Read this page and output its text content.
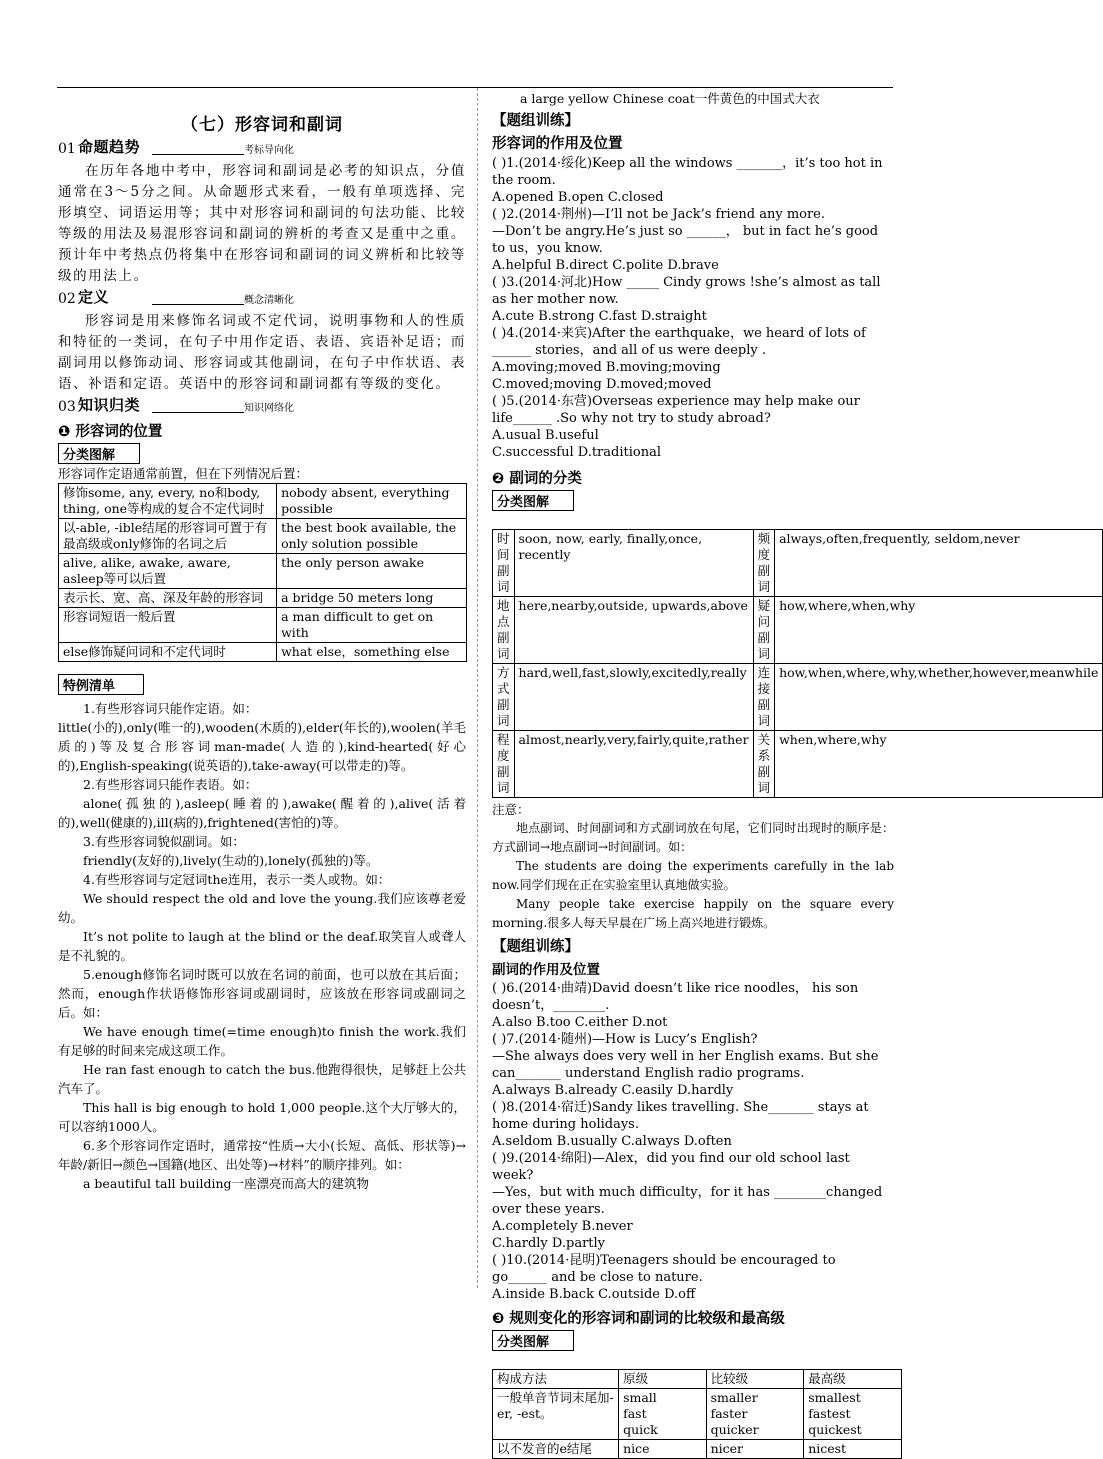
（七）形容词和副词
01 命题趋势	考标导向化

在历年各地中考中，形容词和副词是必考的知识点，分值通常在3～5分之间。从命题形式来看，一般有单项选择、完形填空、词语运用等；其中对形容词和副词的句法功能、比较等级的用法及易混形容词和副词的辨析的考查又是重中之重。预计年中考热点仍将集中在形容词和副词的词义辨析和比较等级的用法上。

02 定义	概念清晰化

形容词是用来修饰名词或不定代词，说明事物和人的性质和特征的一类词，在句子中用作定语、表语、宾语补足语；而副词用以修饰动词、形容词或其他副词，在句子中作状语、表语、补语和定语。英语中的形容词和副词都有等级的变化。

03 知识归类	知识网络化
❶ 形容词的位置
分类图解
形容词作定语通常前置，但在下列情况后置：
修饰some, any, every, no和body, thing, one等构成的复合不定代词时	nobody absent, everything possible
以-able, -ible结尾的形容词可置于有最高级或only修饰的名词之后	the best book available, the only solution possible
alive, alike, awake, aware, asleep等可以后置	the only person awake
表示长、宽、高、深及年龄的形容词	a bridge 50 meters long
形容词短语一般后置	a man difficult to get on with
else修饰疑问词和不定代词时	what else，something else
特例清单

1.有些形容词只能作定语。如：

little(小的),only(唯一的),wooden(木质的),elder(年长的),woolen(羊毛质的)等及复合形容词man-made(人造的),kind-hearted(好心的),English-speaking(说英语的),take-away(可以带走的)等。

2.有些形容词只能作表语。如：

alone(孤独的),asleep(睡着的),awake(醒着的),alive(活着的),well(健康的),ill(病的),frightened(害怕的)等。

3.有些形容词貌似副词。如：

friendly(友好的),lively(生动的),lonely(孤独的)等。

4.有些形容词与定冠词the连用，表示一类人或物。如：

We should respect the old and love the young.我们应该尊老爱幼。

It’s not polite to laugh at the blind or the deaf.取笑盲人或聋人是不礼貌的。

5.enough修饰名词时既可以放在名词的前面，也可以放在其后面；然而，enough作状语修饰形容词或副词时，应该放在形容词或副词之后。如：

We have enough time(=time enough)to finish the work.我们有足够的时间来完成这项工作。

He ran fast enough to catch the bus.他跑得很快，足够赶上公共汽车了。

This hall is big enough to hold 1,000 people.这个大厅够大的，可以容纳1000人。

6.多个形容词作定语时，通常按“性质→大小(长短、高低、形状等)→年龄/新旧→颜色→国籍(地区、出处等)→材料”的顺序排列。如：

a beautiful tall building一座漂亮而高大的建筑物

a large yellow Chinese coat一件黄色的中国式大衣
【题组训练】
形容词的作用及位置

( )1.(2014·绥化)Keep all the windows _______，it’s too hot in the room.

A.opened B.open C.closed

( )2.(2014·荆州)—I’ll not be Jack’s friend any more.

—Don’t be angry.He’s just so ______， but in fact he’s good to us，you know.

A.helpful B.direct C.polite D.brave

( )3.(2014·河北)How _____ Cindy grows !she’s almost as tall as her mother now.

A.cute B.strong C.fast D.straight

( )4.(2014·来宾)After the earthquake，we heard of lots of ______ stories，and all of us were deeply .

A.moving;moved B.moving;moving

C.moved;moving D.moved;moved

( )5.(2014·东营)Overseas experience may help make our life______ .So why not try to study abroad?

A.usual B.useful

C.successful D.traditional

❷ 副词的分类
分类图解
时间副词	soon, now, early, finally,once, recently	频度副词	always,often,frequently, seldom,never
地点副词	here,nearby,outside, upwards,above	疑问副词	how,where,when,why
方式副词	hard,well,fast,slowly,excitedly,really	连接副词	how,when,where,why,whether,however,meanwhile
程度副词	almost,nearly,very,fairly,quite,rather	关系副词	when,where,why
注意：

地点副词、时间副词和方式副词放在句尾，它们同时出现时的顺序是：方式副词→地点副词→时间副词。如：

The students are doing the experiments carefully in the lab now.同学们现在正在实验室里认真地做实验。

Many people take exercise happily on the square every morning.很多人每天早晨在广场上高兴地进行锻炼。

【题组训练】
副词的作用及位置

( )6.(2014·曲靖)David doesn’t like rice noodles， his son doesn’t，________.

A.also B.too C.either D.not

( )7.(2014·随州)—How is Lucy’s English?

—She always does very well in her English exams. But she can_______ understand English radio programs.

A.always B.already C.easily D.hardly

( )8.(2014·宿迁)Sandy likes travelling. She_______ stays at home during holidays.

A.seldom B.usually C.always D.often

( )9.(2014·绵阳)—Alex，did you find our old school last week?

—Yes，but with much difficulty，for it has ________changed over these years.

A.completely B.never

C.hardly D.partly

( )10.(2014·昆明)Teenagers should be encouraged to go______ and be close to nature.

A.inside B.back C.outside D.off

❸ 规则变化的形容词和副词的比较级和最高级
分类图解
构成方法	原级	比较级	最高级
一般单音节词末尾加-er, -est。	small
fast
quick	smaller
faster
quicker	smallest
fastest
quickest
以不发音的e结尾	nice	nicer	nicest
